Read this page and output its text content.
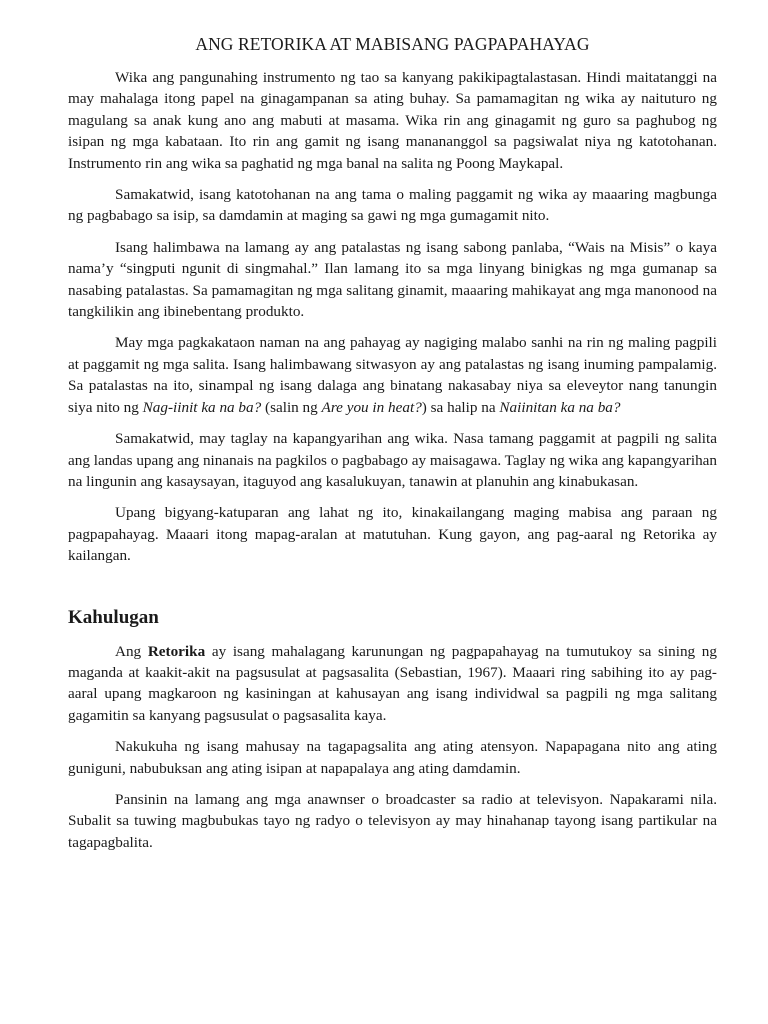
ANG RETORIKA AT MABISANG PAGPAPAHAYAG

Wika ang pangunahing instrumento ng tao sa kanyang pakikipagtalastasan. Hindi maitatanggi na may mahalaga itong papel na ginagampanan sa ating buhay. Sa pamamagitan ng wika ay naituturo ng magulang sa anak kung ano ang mabuti at masama. Wika rin ang ginagamit ng guro sa paghubog ng isipan ng mga kabataan. Ito rin ang gamit ng isang manananggol sa pagsiwalat niya ng katotohanan. Instrumento rin ang wika sa paghatid ng mga banal na salita ng Poong Maykapal.

Samakatwid, isang katotohanan na ang tama o maling paggamit ng wika ay maaaring magbunga ng pagbabago sa isip, sa damdamin at maging sa gawi ng mga gumagamit nito.

Isang halimbawa na lamang ay ang patalastas ng isang sabong panlaba, “Wais na Misis” o kaya nama’y “singputi ngunit di singmahal.” Ilan lamang ito sa mga linyang binigkas ng mga gumanap sa nasabing patalastas. Sa pamamagitan ng mga salitang ginamit, maaaring mahikayat ang mga manonood na tangkilikin ang ibinebentang produkto.

May mga pagkakataon naman na ang pahayag ay nagiging malabo sanhi na rin ng maling pagpili at paggamit ng mga salita. Isang halimbawang sitwasyon ay ang patalastas ng isang inuming pampalamig. Sa patalastas na ito, sinampal ng isang dalaga ang binatang nakasabay niya sa eleveytor nang tanungin siya nito ng Nag-iinit ka na ba? (salin ng Are you in heat?) sa halip na Naiinitan ka na ba?

Samakatwid, may taglay na kapangyarihan ang wika. Nasa tamang paggamit at pagpili ng salita ang landas upang ang ninanais na pagkilos o pagbabago ay maisagawa. Taglay ng wika ang kapangyarihan na lingunin ang kasaysayan, itaguyod ang kasalukuyan, tanawin at planuhin ang kinabukasan.

Upang bigyang-katuparan ang lahat ng ito, kinakailangang maging mabisa ang paraan ng pagpapahayag. Maaari itong mapag-aralan at matutuhan. Kung gayon, ang pag-aaral ng Retorika ay kailangan.

Kahulugan

Ang Retorika ay isang mahalagang karunungan ng pagpapahayag na tumutukoy sa sining ng maganda at kaakit-akit na pagsusulat at pagsasalita (Sebastian, 1967). Maaari ring sabihing ito ay pag-aaral upang magkaroon ng kasiningan at kahusayan ang isang individwal sa pagpili ng mga salitang gagamitin sa kanyang pagsusulat o pagsasalita kaya.

Nakukuha ng isang mahusay na tagapagsalita ang ating atensyon. Napapagana nito ang ating guniguni, nabubuksan ang ating isipan at napapalaya ang ating damdamin.

Pansinin na lamang ang mga anawnser o broadcaster sa radio at televisyon. Napakarami nila. Subalit sa tuwing magbubukas tayo ng radyo o televisyon ay may hinahanap tayong isang partikular na tagapagbalita.
